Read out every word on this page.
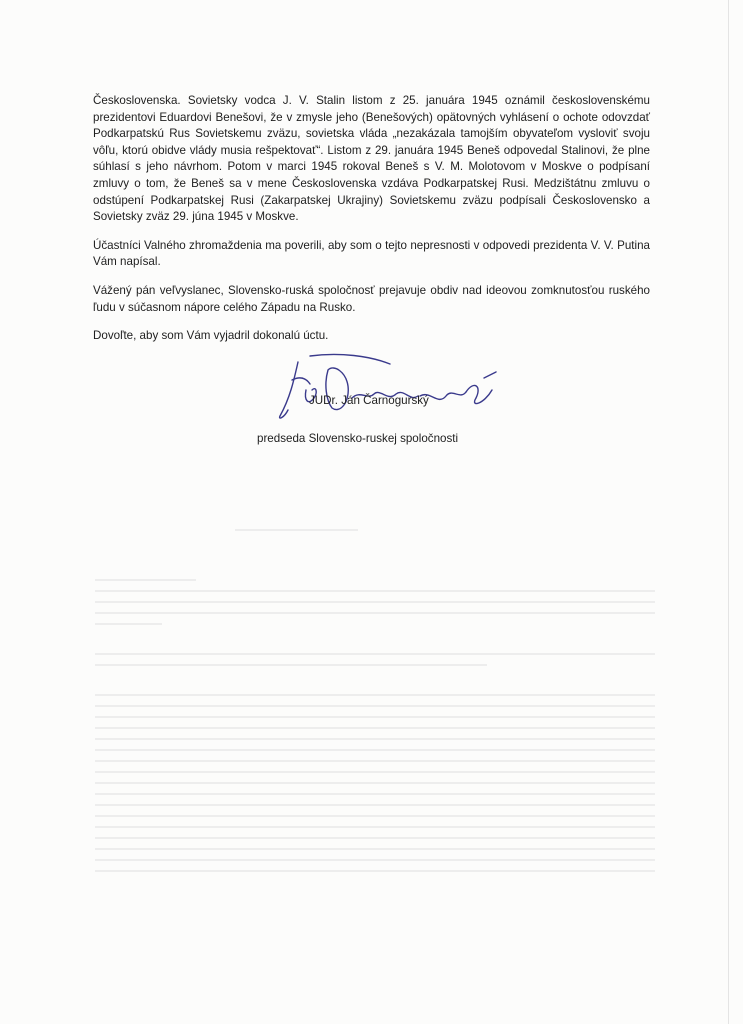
Československa. Sovietsky vodca J. V. Stalin listom z 25. januára 1945 oznámil československému prezidentovi Eduardovi Benešovi, že v zmysle jeho (Benešových) opätovných vyhlásení o ochote odovzdať Podkarpatskú Rus Sovietskemu zväzu, sovietska vláda „nezakázala tamojším obyvateľom vysloviť svoju vôľu, ktorú obidve vlády musia rešpektovať“. Listom z 29. januára 1945 Beneš odpovedal Stalinovi, že plne súhlasí s jeho návrhom. Potom v marci 1945 rokoval Beneš s V. M. Molotovom v Moskve o podpísaní zmluvy o tom, že Beneš sa v mene Československa vzdáva Podkarpatskej Rusi. Medzištátnu zmluvu o odstúpení Podkarpatskej Rusi (Zakarpatskej Ukrajiny) Sovietskemu zväzu podpísali Československo a Sovietsky zväz 29. júna 1945 v Moskve.

Účastníci Valného zhromaždenia ma poverili, aby som o tejto nepresnosti v odpovedi prezidenta V. V. Putina Vám napísal.

Vážený pán veľvyslanec, Slovensko-ruská spoločnosť prejavuje obdiv nad ideovou zomknutosťou ruského ľudu v súčasnom nápore celého Západu na Rusko.

Dovoľte, aby som Vám vyjadril dokonalú úctu.

JUDr. Ján Čarnogurský
predseda Slovensko-ruskej spoločnosti
